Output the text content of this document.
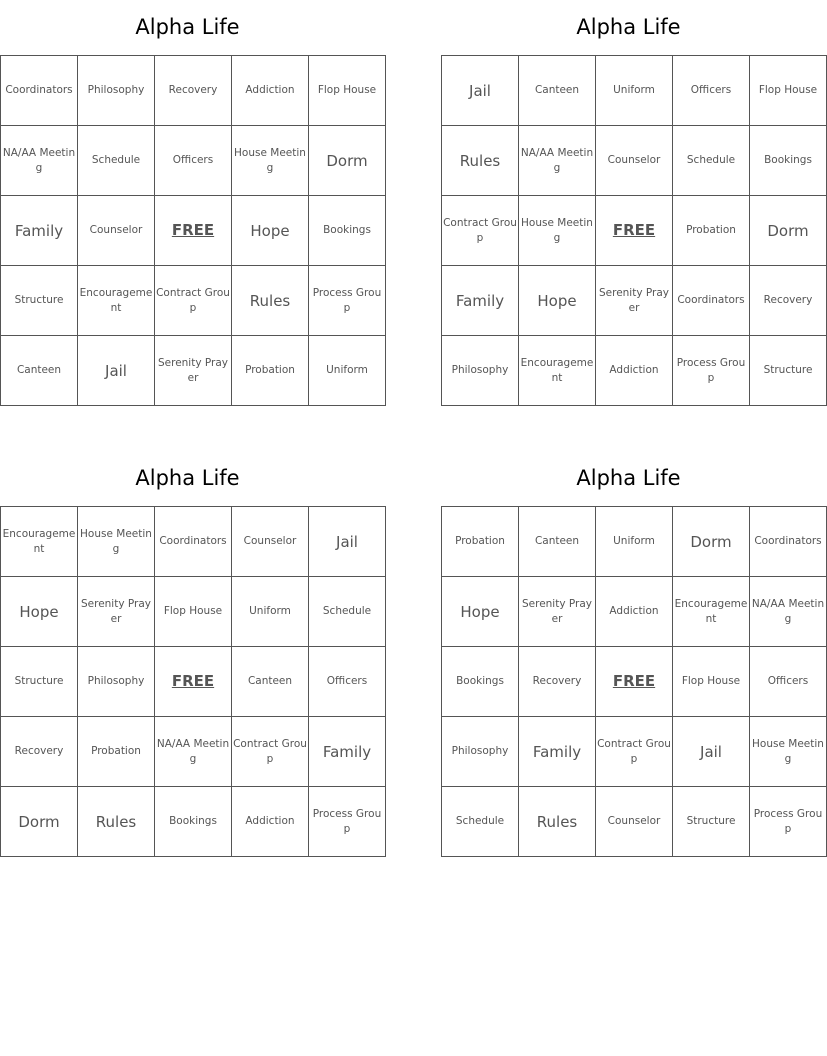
Alpha Life
Coordinators	Philosophy	Recovery	Addiction	Flop House
NA/AA Meeting	Schedule	Officers	House Meeting	Dorm
Family	Counselor	FREE	Hope	Bookings
Structure	Encouragement	Contract Group	Rules	Process Group
Canteen	Jail	Serenity Prayer	Probation	Uniform
Alpha Life
Jail	Canteen	Uniform	Officers	Flop House
Rules	NA/AA Meeting	Counselor	Schedule	Bookings
Contract Group	House Meeting	FREE	Probation	Dorm
Family	Hope	Serenity Prayer	Coordinators	Recovery
Philosophy	Encouragement	Addiction	Process Group	Structure
Alpha Life
Encouragement	House Meeting	Coordinators	Counselor	Jail
Hope	Serenity Prayer	Flop House	Uniform	Schedule
Structure	Philosophy	FREE	Canteen	Officers
Recovery	Probation	NA/AA Meeting	Contract Group	Family
Dorm	Rules	Bookings	Addiction	Process Group
Alpha Life
Probation	Canteen	Uniform	Dorm	Coordinators
Hope	Serenity Prayer	Addiction	Encouragement	NA/AA Meeting
Bookings	Recovery	FREE	Flop House	Officers
Philosophy	Family	Contract Group	Jail	House Meeting
Schedule	Rules	Counselor	Structure	Process Group
